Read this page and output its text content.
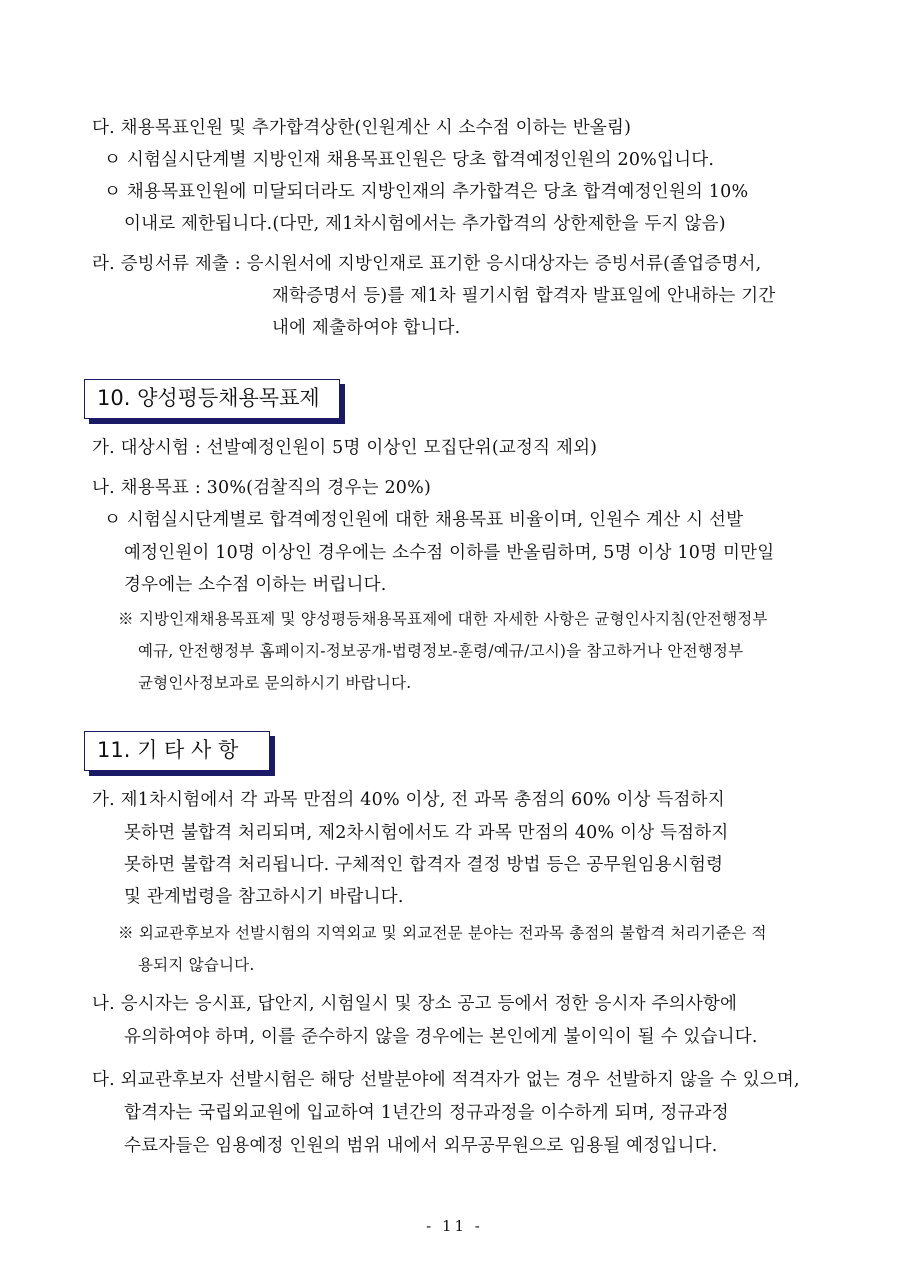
다. 채용목표인원 및 추가합격상한(인원계산 시 소수점 이하는 반올림)
ㅇ 시험실시단계별 지방인재 채용목표인원은 당초 합격예정인원의 20%입니다.
ㅇ 채용목표인원에 미달되더라도 지방인재의 추가합격은 당초 합격예정인원의 10%
이내로 제한됩니다.(다만, 제1차시험에서는 추가합격의 상한제한을 두지 않음)
라. 증빙서류 제출 : 응시원서에 지방인재로 표기한 응시대상자는 증빙서류(졸업증명서,
재학증명서 등)를 제1차 필기시험 합격자 발표일에 안내하는 기간
내에 제출하여야 합니다.
10. 양성평등채용목표제
가. 대상시험 : 선발예정인원이 5명 이상인 모집단위(교정직 제외)
나. 채용목표 : 30%(검찰직의 경우는 20%)
ㅇ 시험실시단계별로 합격예정인원에 대한 채용목표 비율이며, 인원수 계산 시 선발
예정인원이 10명 이상인 경우에는 소수점 이하를 반올림하며, 5명 이상 10명 미만일
경우에는 소수점 이하는 버립니다.
※ 지방인재채용목표제 및 양성평등채용목표제에 대한 자세한 사항은 균형인사지침(안전행정부
예규, 안전행정부 홈페이지-정보공개-법령정보-훈령/예규/고시)을 참고하거나 안전행정부
균형인사정보과로 문의하시기 바랍니다.
11. 기 타 사 항
가. 제1차시험에서 각 과목 만점의 40% 이상, 전 과목 총점의 60% 이상 득점하지
못하면 불합격 처리되며, 제2차시험에서도 각 과목 만점의 40% 이상 득점하지
못하면 불합격 처리됩니다. 구체적인 합격자 결정 방법 등은 공무원임용시험령
및 관계법령을 참고하시기 바랍니다.
※ 외교관후보자 선발시험의 지역외교 및 외교전문 분야는 전과목 총점의 불합격 처리기준은 적
용되지 않습니다.
나. 응시자는 응시표, 답안지, 시험일시 및 장소 공고 등에서 정한 응시자 주의사항에
유의하여야 하며, 이를 준수하지 않을 경우에는 본인에게 불이익이 될 수 있습니다.
다. 외교관후보자 선발시험은 해당 선발분야에 적격자가 없는 경우 선발하지 않을 수 있으며,
합격자는 국립외교원에 입교하여 1년간의 정규과정을 이수하게 되며, 정규과정
수료자들은 임용예정 인원의 범위 내에서 외무공무원으로 임용될 예정입니다.
- 11 -
